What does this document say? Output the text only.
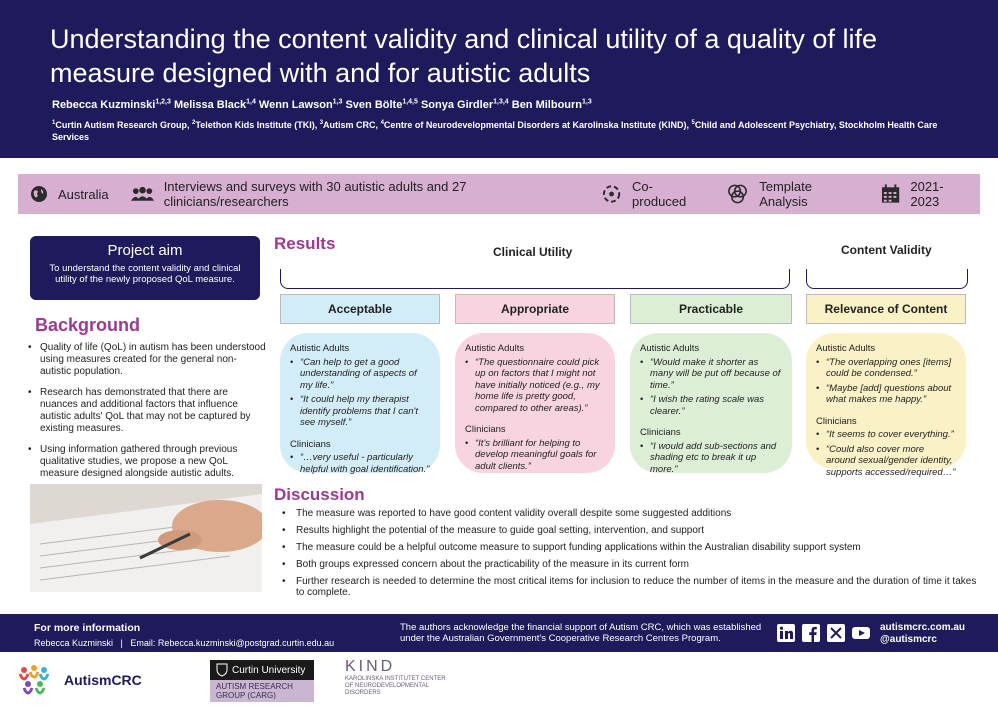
Understanding the content validity and clinical utility of a quality of life measure designed with and for autistic adults
Rebecca Kuzminski$^{1,2,3}$ Melissa Black$^{1,4}$ Wenn Lawson$^{1,3}$ Sven Bölte$^{1,4,5}$ Sonya Girdler$^{1,3,4}$ Ben Milbourn$^{1,3}$
$^1$Curtin Autism Research Group, $^2$Telethon Kids Institute (TKI), $^3$Autism CRC, $^4$Centre of Neurodevelopmental Disorders at Karolinska Institute (KIND), $^5$Child and Adolescent Psychiatry, Stockholm Health Care Services
Australia	Interviews and surveys with 30 autistic adults and 27 clinicians/researchers
Co-produced
Template Analysis
2021-2023
Project aim
To understand the content validity and clinical utility of the newly proposed QoL measure.
Background
• Quality of life (QoL) in autism has been understood using measures created for the general non-autistic population.
• Research has demonstrated that there are nuances and additional factors that influence autistic adults' QoL that may not be captured by existing measures.
• Using information gathered through previous qualitative studies, we propose a new QoL measure designed alongside autistic adults.
Results	Clinical Utility	Content Validity
Acceptable	Appropriate	Practicable	Relevance of Content
Autistic Adults
• “Can help to get a good understanding of aspects of my life.”
• “It could help my therapist identify problems that I can't see myself.”
Clinicians
• “…very useful - particularly helpful with goal identification.”
Autistic Adults
• “The questionnaire could pick up on factors that I might not have initially noticed (e.g., my home life is pretty good, compared to other areas).”
Clinicians
• “It's brilliant for helping to develop meaningful goals for adult clients.”
Autistic Adults
• “Would make it shorter as many will be put off because of time.”
• “I wish the rating scale was clearer.”
Clinicians
• “I would add sub-sections and shading etc to break it up more.”
Autistic Adults
• “The overlapping ones [items] could be condensed.”
• “Maybe [add] questions about what makes me happy.”
Clinicians
• “It seems to cover everything.”
• “Could also cover more around sexual/gender identity, supports accessed/required…”
Discussion
• The measure was reported to have good content validity overall despite some suggested additions
• Results highlight the potential of the measure to guide goal setting, intervention, and support
• The measure could be a helpful outcome measure to support funding applications within the Australian disability support system
• Both groups expressed concern about the practicability of the measure in its current form
• Further research is needed to determine the most critical items for inclusion to reduce the number of items in the measure and the duration of time it takes to complete.
For more information
Rebecca Kuzminski | Email: Rebecca.kuzminski@postgrad.curtin.edu.au
The authors acknowledge the financial support of Autism CRC, which was established under the Australian Government's Cooperative Research Centres Program.
autismcrc.com.au
@autismcrc
AutismCRC
Curtin University
AUTISM RESEARCH GROUP (CARG)
KIND
KAROLINSKA INSTITUTET CENTER OF NEURODEVELOPMENTAL DISORDERS
